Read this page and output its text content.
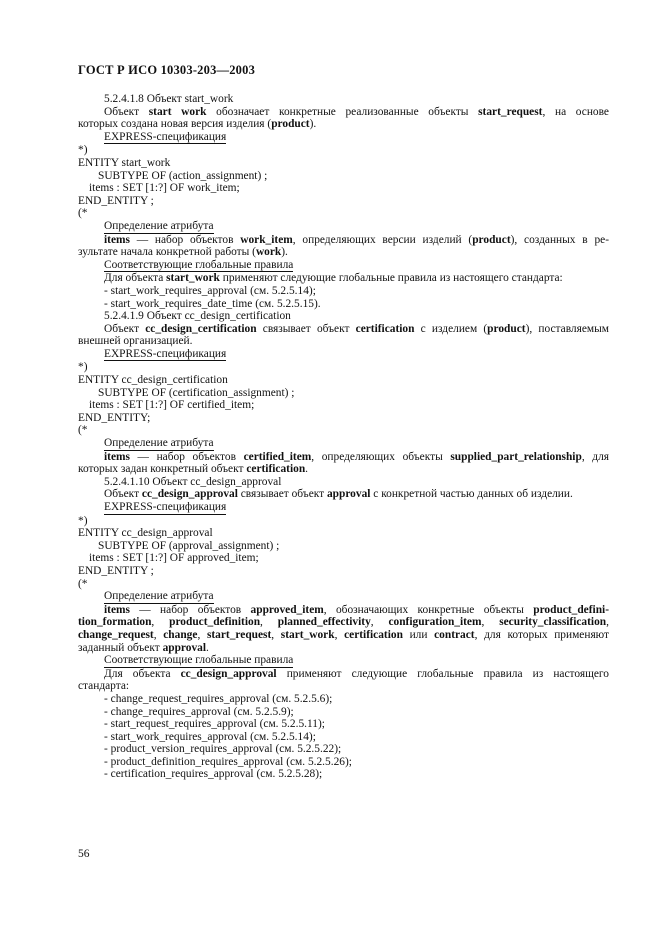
ГОСТ Р ИСО 10303-203—2003
5.2.4.1.8 Объект start_work
Объект start work обозначает конкретные реализованные объекты start_request, на основе
которых создана новая версия изделия (product).
EXPRESS-спецификация
*)
ENTITY start_work
SUBTYPE OF (action_assignment) ;
items : SET [1:?] OF work_item;
END_ENTITY ;
(*
Определение атрибута
items — набор объектов work_item, определяющих версии изделий (product), созданных в ре-
зультате начала конкретной работы (work).
Соответствующие глобальные правила
Для объекта start_work применяют следующие глобальные правила из настоящего стандарта:
- start_work_requires_approval (см. 5.2.5.14);
- start_work_requires_date_time (см. 5.2.5.15).
5.2.4.1.9 Объект cc_design_certification
Объект cc_design_certification связывает объект certification с изделием (product), поставляемым
внешней организацией.
EXPRESS-спецификация
*)
ENTITY cc_design_certification
SUBTYPE OF (certification_assignment) ;
items : SET [1:?] OF certified_item;
END_ENTITY;
(*
Определение атрибута
items — набор объектов certified_item, определяющих объекты supplied_part_relationship, для
которых задан конкретный объект certification.
5.2.4.1.10 Объект cc_design_approval
Объект cc_design_approval связывает объект approval с конкретной частью данных об изделии.
EXPRESS-спецификация
*)
ENTITY cc_design_approval
SUBTYPE OF (approval_assignment) ;
items : SET [1:?] OF approved_item;
END_ENTITY ;
(*
Определение атрибута
items — набор объектов approved_item, обозначающих конкретные объекты product_defini-
tion_formation, product_definition, planned_effectivity, configuration_item, security_classification,
change_request, change, start_request, start_work, certification или contract, для которых применяют
заданный объект approval.
Соответствующие глобальные правила
Для объекта cc_design_approval применяют следующие глобальные правила из настоящего
стандарта:
- change_request_requires_approval (см. 5.2.5.6);
- change_requires_approval (см. 5.2.5.9);
- start_request_requires_approval (см. 5.2.5.11);
- start_work_requires_approval (см. 5.2.5.14);
- product_version_requires_approval (см. 5.2.5.22);
- product_definition_requires_approval (см. 5.2.5.26);
- certification_requires_approval (см. 5.2.5.28);
56
